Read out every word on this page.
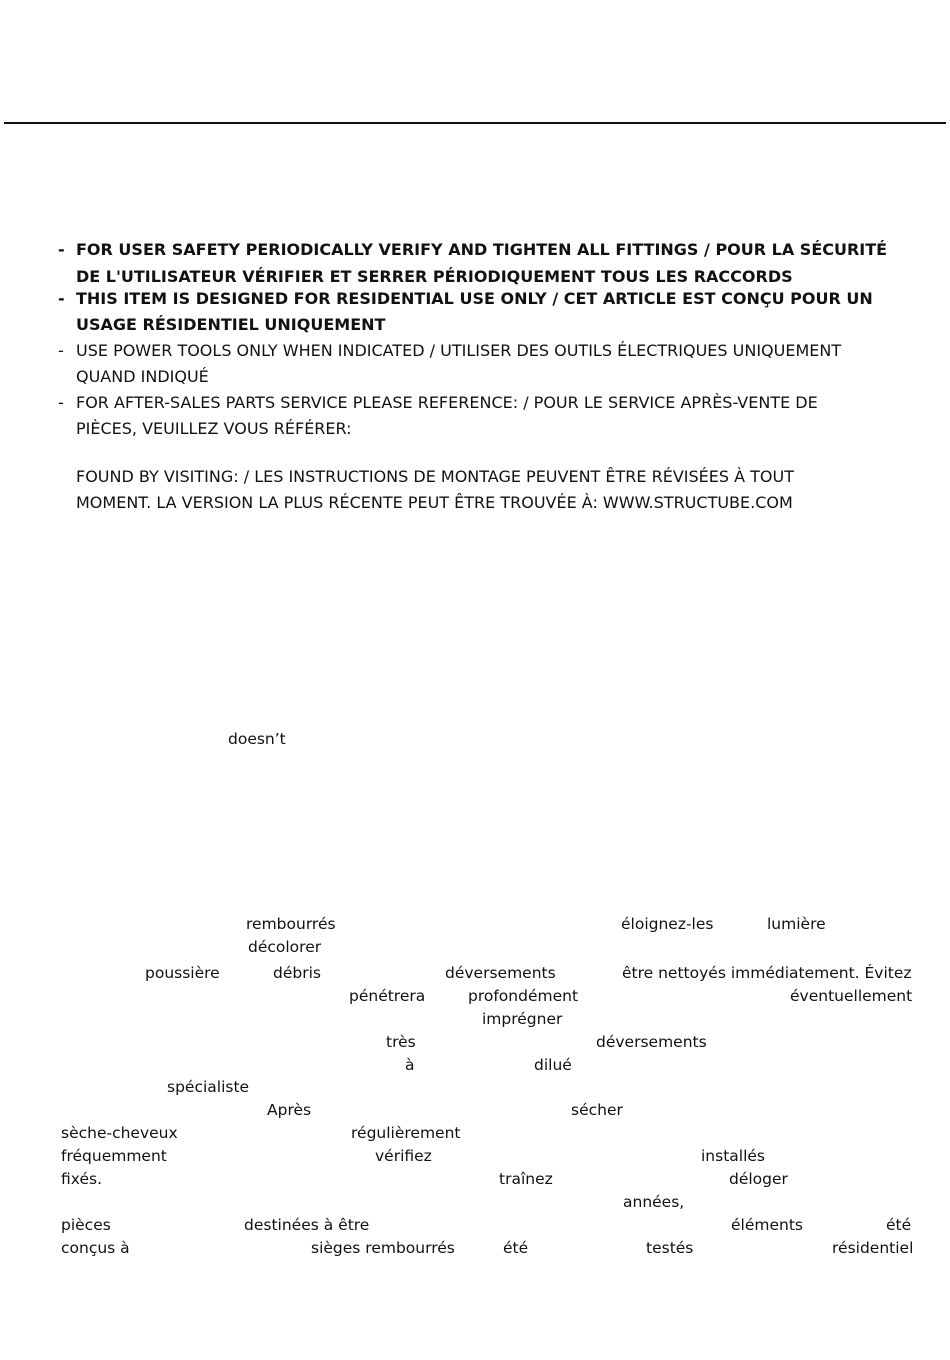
- FOR USER SAFETY PERIODICALLY VERIFY AND TIGHTEN ALL FITTINGS / POUR LA SÉCURITÉ
DE L'UTILISATEUR VÉRIFIER ET SERRER PÉRIODIQUEMENT TOUS LES RACCORDS
- THIS ITEM IS DESIGNED FOR RESIDENTIAL USE ONLY / CET ARTICLE EST CONÇU POUR UN
USAGE RÉSIDENTIEL UNIQUEMENT
- USE POWER TOOLS ONLY WHEN INDICATED / UTILISER DES OUTILS ÉLECTRIQUES UNIQUEMENT
QUAND INDIQUÉ
- FOR AFTER-SALES PARTS SERVICE PLEASE REFERENCE: / POUR LE SERVICE APRÈS-VENTE DE
PIÈCES, VEUILLEZ VOUS RÉFÉRER:
FOUND BY VISITING: / LES INSTRUCTIONS DE MONTAGE PEUVENT ÊTRE RÉVISÉES À TOUT
MOMENT. LA VERSION LA PLUS RÉCENTE PEUT ÊTRE TROUVÉE À: WWW.STRUCTUBE.COM
doesn’t
rembourrés	éloignez-les	lumière
décolorer
poussière	débris	déversements	être nettoyés immédiatement. Évitez
pénétrera	profondément	éventuellement
imprégner
très	déversements
à	dilué
spécialiste
Après	sécher
sèche-cheveux	régulièrement
fréquemment	vérifiez	installés
fixés.	traînez	déloger
années,
pièces	destinées à être	éléments	été
conçus à	sièges rembourrés	été	testés	résidentiel
